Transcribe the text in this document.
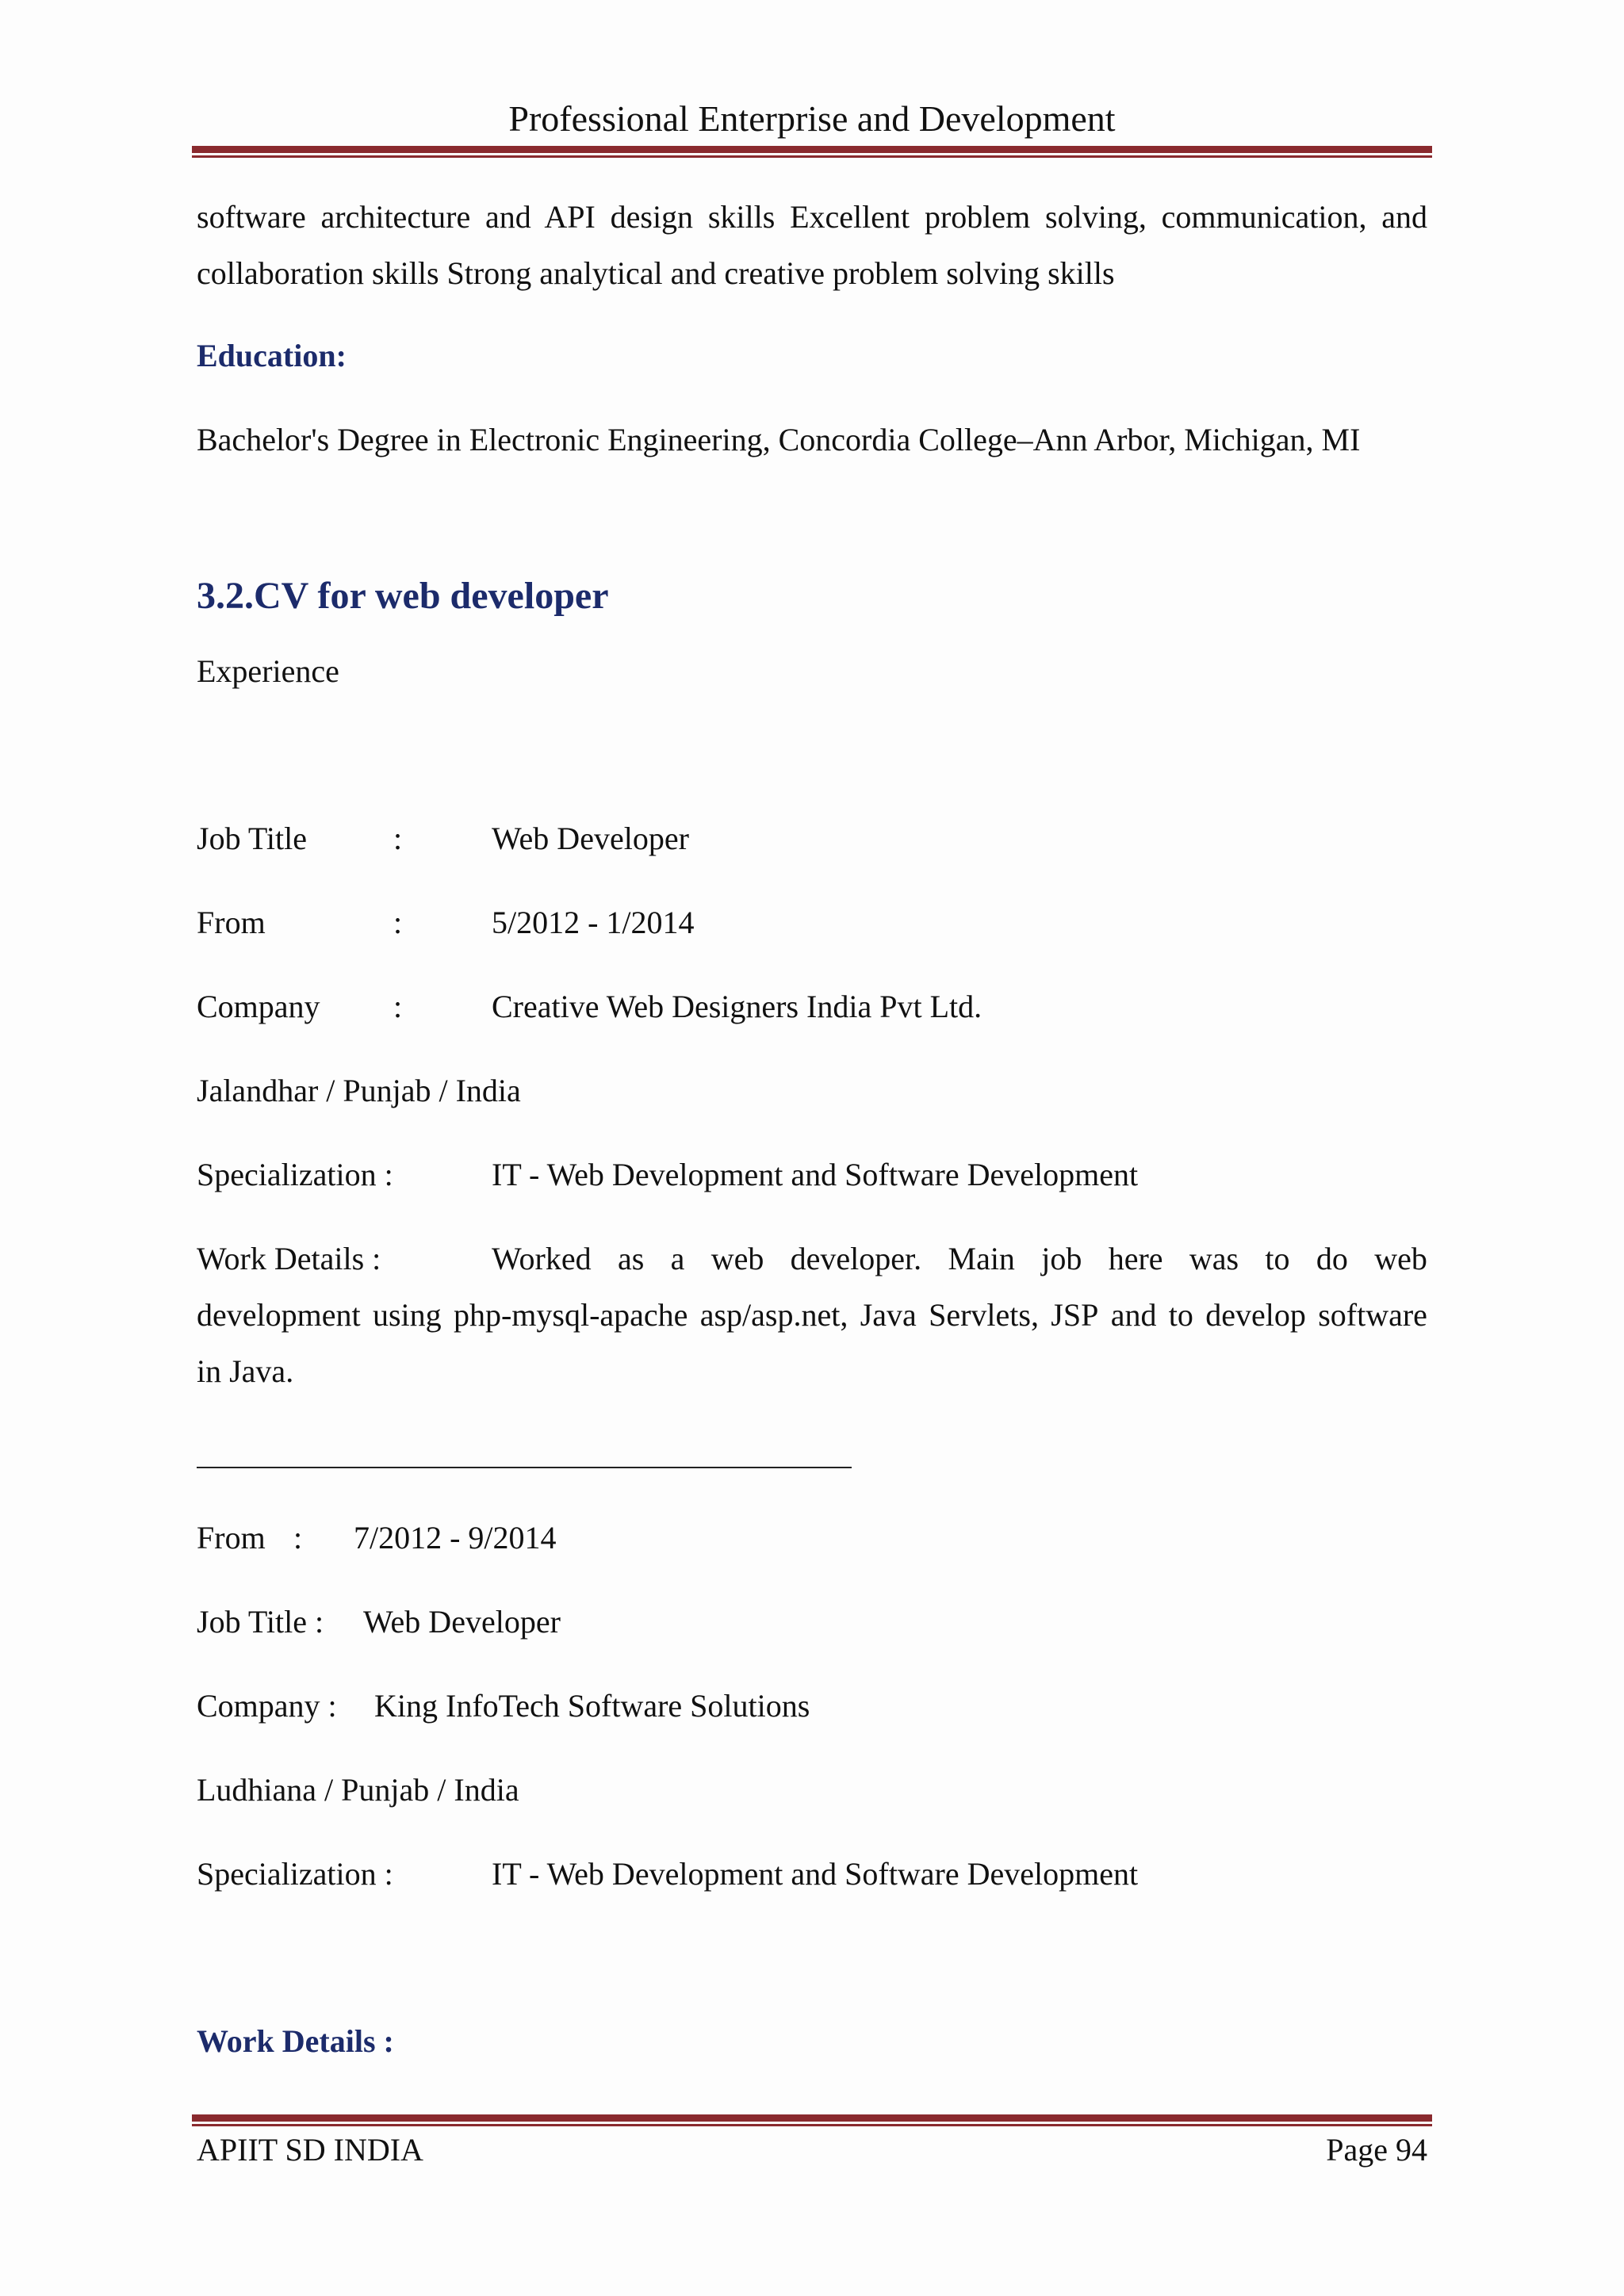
Professional Enterprise and Development
software architecture and API design skills Excellent problem solving, communication, and collaboration skills Strong analytical and creative problem solving skills
Education:
Bachelor's Degree in Electronic Engineering, Concordia College–Ann Arbor, Michigan, MI
3.2.CV for web developer
Experience
Job Title	:	Web Developer
From	:	5/2012 - 1/2014
Company :	Creative Web Designers India Pvt Ltd.
Jalandhar / Punjab / India
Specialization :	IT - Web Development and Software Development
Work Details :	Worked as a web developer. Main job here was to do web
development using php-mysql-apache asp/asp.net, Java Servlets, JSP and to develop software
in Java.
From : 7/2012 - 9/2014
Job Title : Web Developer
Company : King InfoTech Software Solutions
Ludhiana / Punjab / India
Specialization :	IT - Web Development and Software Development
Work Details :
APIIT SD INDIA	Page 94
